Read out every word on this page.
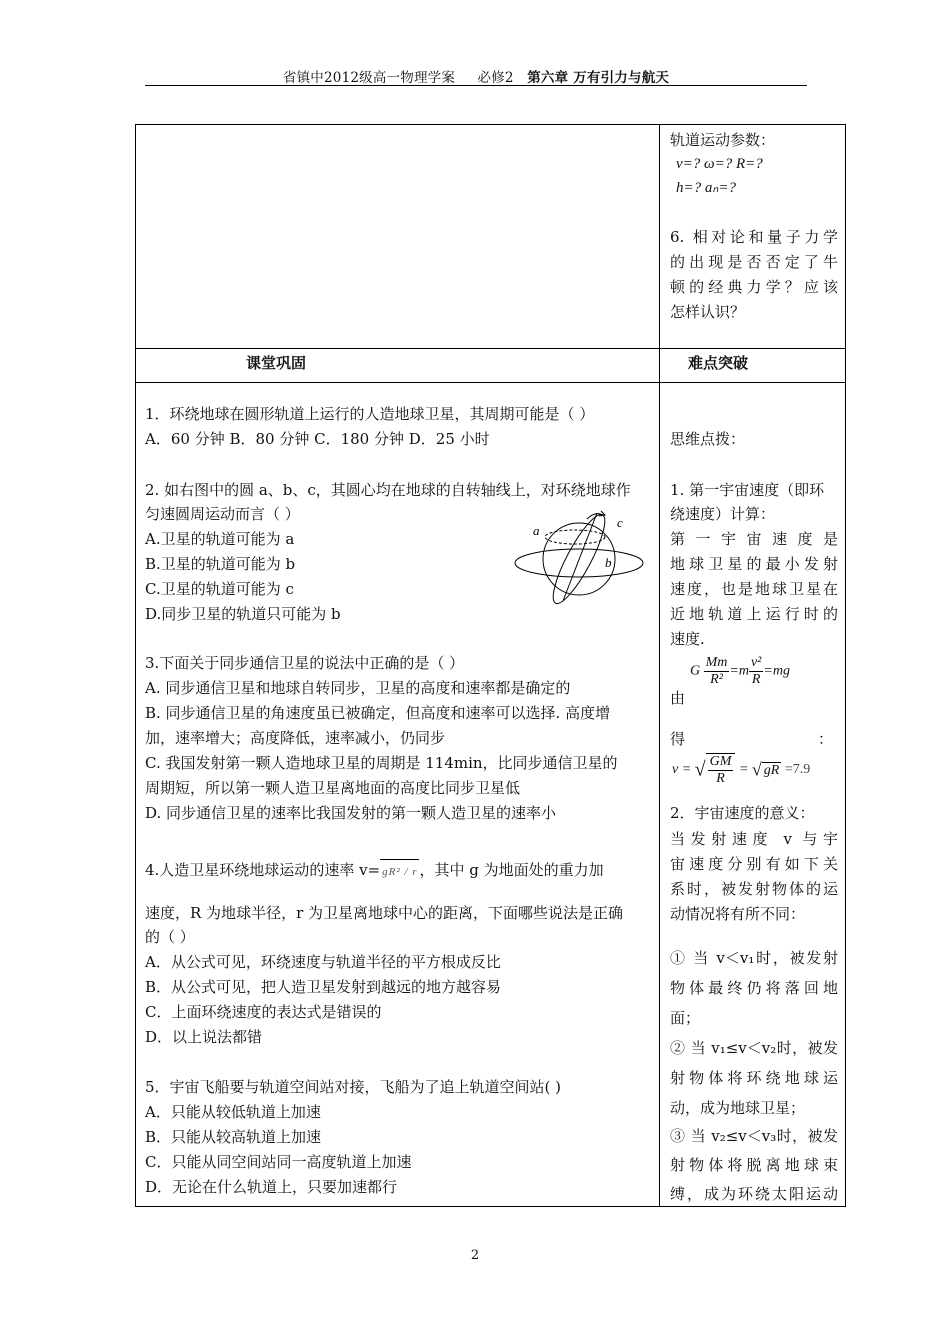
省镇中2012级高一物理学案 必修2 第六章 万有引力与航天
轨道运动参数：
v=? ω=? R=?
h=? aₙ=?
6. 相对论和量子力学
的出现是否否定了牛
顿的经典力学？应该
怎样认识？
课堂巩固	难点突破
1．环绕地球在圆形轨道上运行的人造地球卫星，其周期可能是（ ）
A．60 分钟 B．80 分钟 C．180 分钟 D．25 小时
2. 如右图中的圆 a、b、c，其圆心均在地球的自转轴线上，对环绕地球作
匀速圆周运动而言（ ）
A.卫星的轨道可能为 a
B.卫星的轨道可能为 b
C.卫星的轨道可能为 c
D.同步卫星的轨道只可能为 b
a
b
c
3.下面关于同步通信卫星的说法中正确的是（ ）
A. 同步通信卫星和地球自转同步，卫星的高度和速率都是确定的
B. 同步通信卫星的角速度虽已被确定，但高度和速率可以选择. 高度增
加，速率增大；高度降低，速率减小，仍同步
C. 我国发射第一颗人造地球卫星的周期是 114min，比同步通信卫星的
周期短，所以第一颗人造卫星离地面的高度比同步卫星低
D. 同步通信卫星的速率比我国发射的第一颗人造卫星的速率小
4.人造卫星环绕地球运动的速率 v= gR² / r ，其中 g 为地面处的重力加
速度，R 为地球半径，r 为卫星离地球中心的距离，下面哪些说法是正确
的（ ）
A．从公式可见，环绕速度与轨道半径的平方根成反比
B．从公式可见，把人造卫星发射到越远的地方越容易
C．上面环绕速度的表达式是错误的
D．以上说法都错
5．宇宙飞船要与轨道空间站对接，飞船为了追上轨道空间站( )
A．只能从较低轨道上加速
B．只能从较高轨道上加速
C．只能从同空间站同一高度轨道上加速
D．无论在什么轨道上，只要加速都行
思维点拨：
1. 第一宇宙速度（即环
绕速度）计算：
第一宇宙速度是
地球卫星的最小发射
速度，也是地球卫星在
近地轨道上运行时的
速度.
由
G $\frac{Mm}{\text{R²}} =m \frac{\text{v²}}{R} =mg$
得	：
v = √ $\frac{GM}{R}$ = √ gR =7.9
2．宇宙速度的意义：
当发射速度 v 与宇
宙速度分别有如下关
系时，被发射物体的运
动情况将有所不同：
① 当 v＜v₁时，被发射
物体最终仍将落回地
面；
② 当 v₁≤v＜v₂时，被发
射物体将环绕地球运
动，成为地球卫星；
③ 当 v₂≤v＜v₃时，被发
射物体将脱离地球束
缚，成为环绕太阳运动
2
